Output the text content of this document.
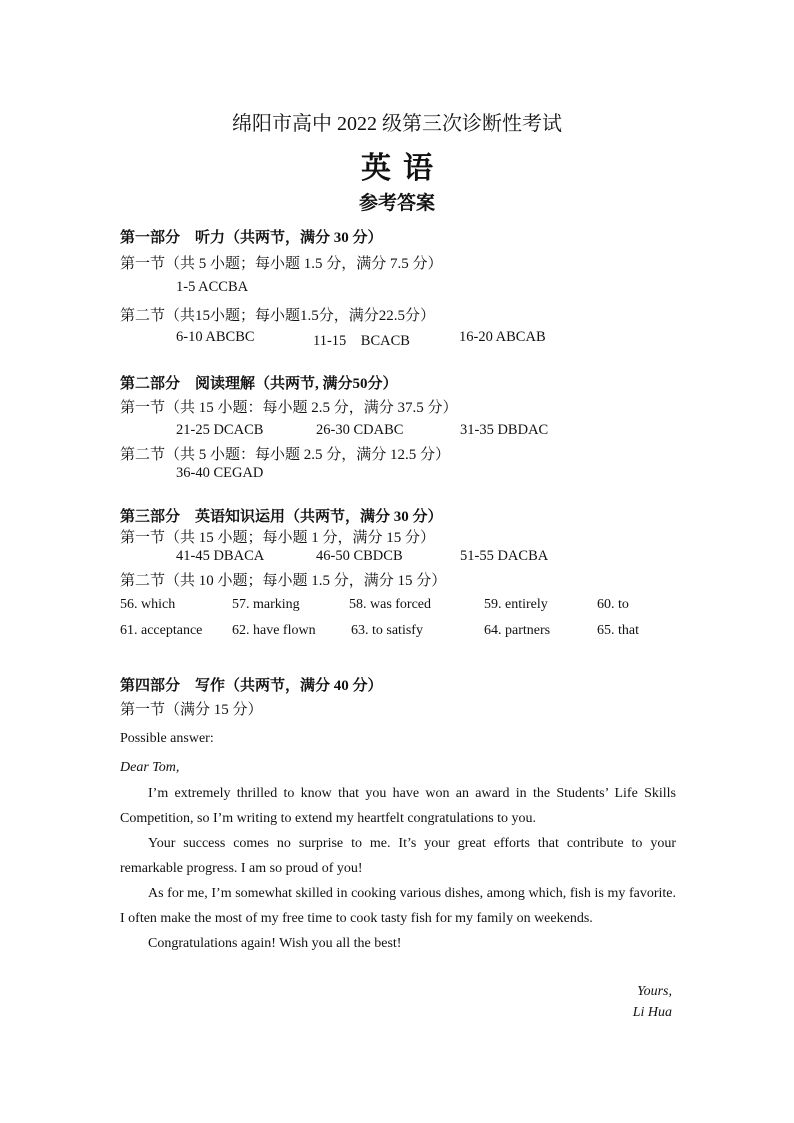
绵阳市高中 2022 级第三次诊断性考试
英语
参考答案
第一部分　听力（共两节，满分 30 分）
第一节（共 5 小题；每小题 1.5 分，满分 7.5 分）
1-5 ACCBA
第二节（共15小题；每小题1.5分，满分22.5分）
6-10 ABCBC	11-15　BCACB	16-20 ABCAB
第二部分　阅读理解（共两节, 满分50分）
第一节（共 15 小题：每小题 2.5 分，满分 37.5 分）
21-25 DCACB	26-30 CDABC	31-35 DBDAC
第二节（共 5 小题：每小题 2.5 分，满分 12.5 分）
36-40 CEGAD
第三部分　英语知识运用（共两节，满分 30 分）
第一节（共 15 小题；每小题 1 分，满分 15 分）
41-45 DBACA	46-50 CBDCB	51-55 DACBA
第二节（共 10 小题；每小题 1.5 分，满分 15 分）
56. which	57. marking	58. was forced	59. entirely	60. to
61. acceptance 62. have flown	63. to satisfy	64. partners	65. that
第四部分　写作（共两节，满分 40 分）
第一节（满分 15 分）
Possible answer:
Dear Tom,

I’m extremely thrilled to know that you have won an award in the Students’ Life Skills Competition, so I’m writing to extend my heartfelt congratulations to you.

Your success comes no surprise to me. It’s your great efforts that contribute to your remarkable progress. I am so proud of you!

As for me, I’m somewhat skilled in cooking various dishes, among which, fish is my favorite. I often make the most of my free time to cook tasty fish for my family on weekends.

Congratulations again! Wish you all the best!

Yours,
Li Hua
